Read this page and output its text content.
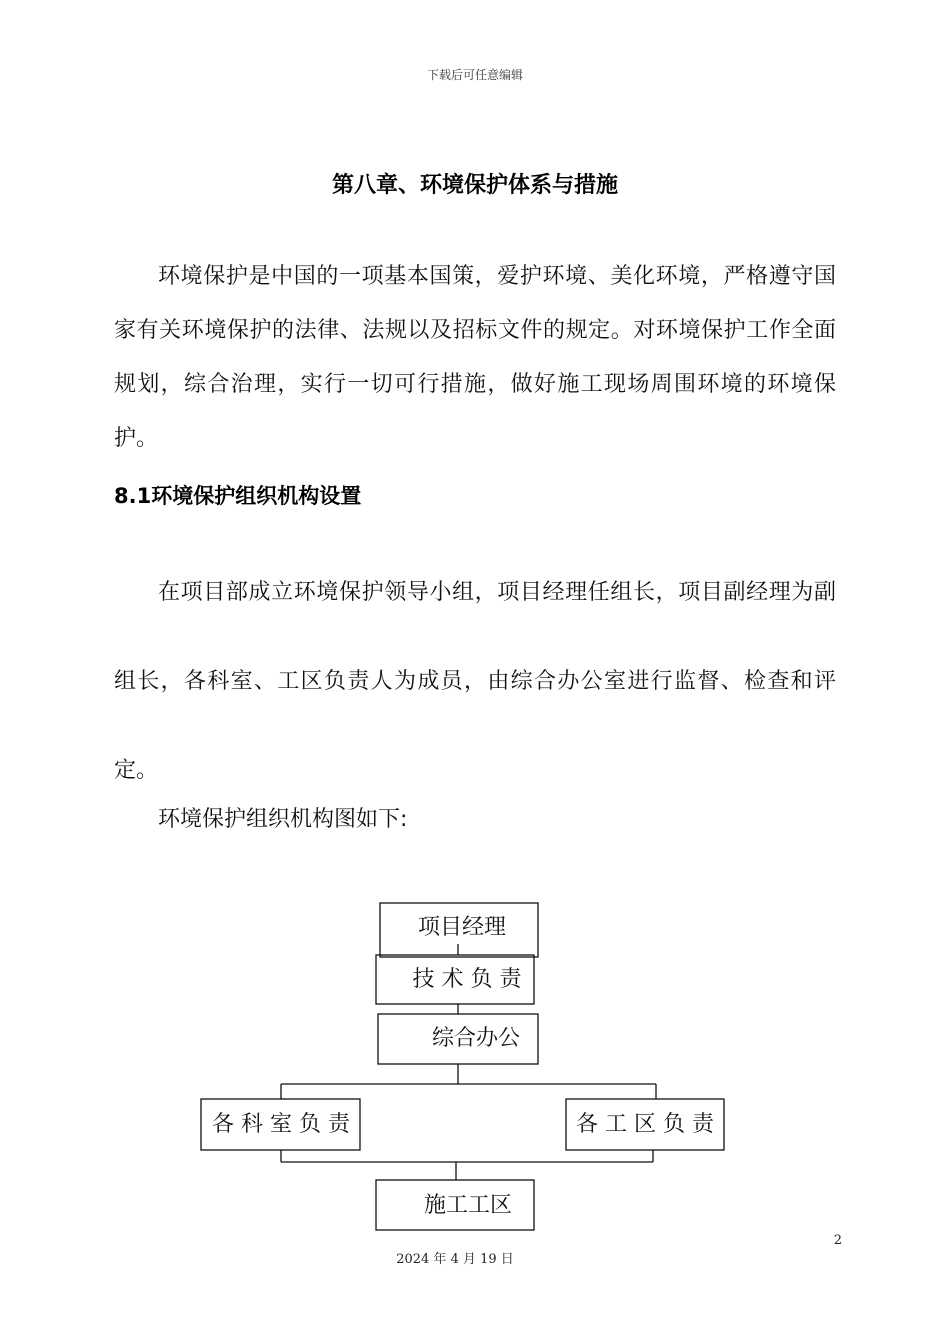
下载后可任意编辑
第八章、环境保护体系与措施

环境保护是中国的一项基本国策，爱护环境、美化环境，严格遵守国家有关环境保护的法律、法规以及招标文件的规定。对环境保护工作全面规划，综合治理，实行一切可行措施，做好施工现场周围环境的环境保护。

8.1环境保护组织机构设置

在项目部成立环境保护领导小组，项目经理任组长，项目副经理为副组长，各科室、工区负责人为成员，由综合办公室进行监督、检查和评定。

环境保护组织机构图如下:

项目经理
技 术 负 责
综合办公
各 科 室 负 责	各 工 区 负 责
施工工区
2
2024 年 4 月 19 日
